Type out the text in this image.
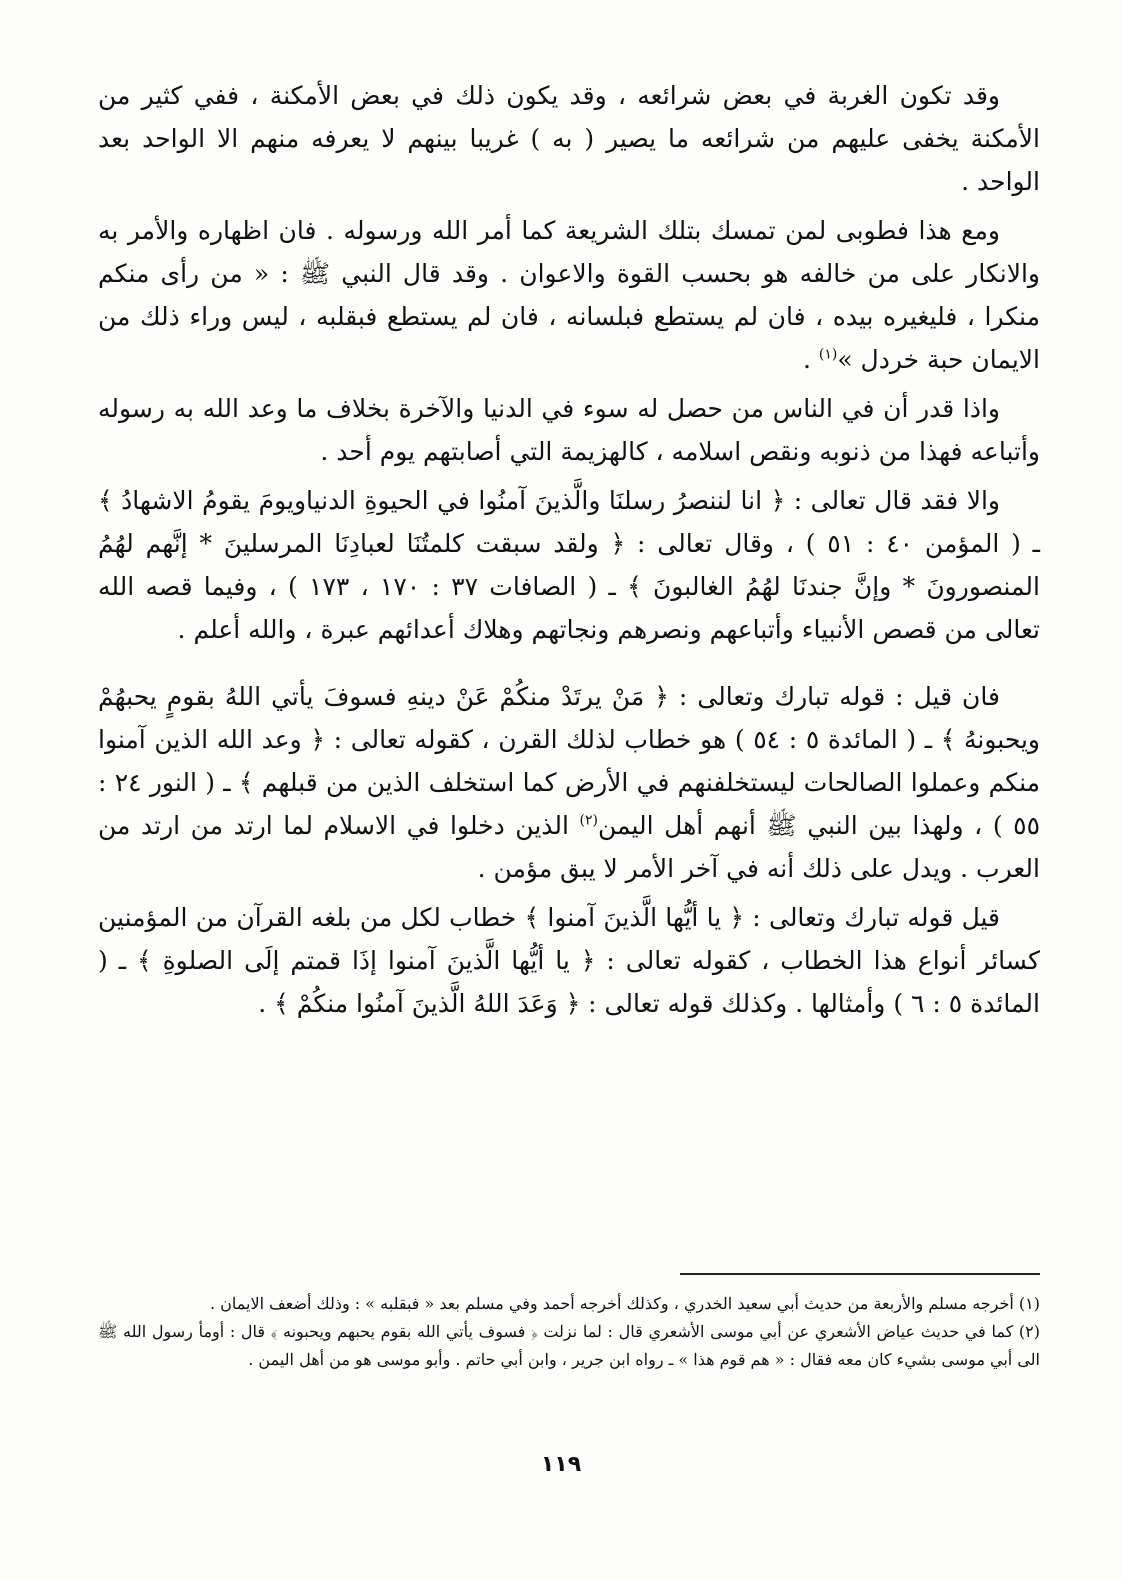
وقد تكون الغربة في بعض شرائعه ، وقد يكون ذلك في بعض الأمكنة ، ففي كثير من الأمكنة يخفى عليهم من شرائعه ما يصير ( به ) غريبا بينهم لا يعرفه منهم الا الواحد بعد الواحد .

ومع هذا فطوبى لمن تمسك بتلك الشريعة كما أمر الله ورسوله . فان اظهاره والأمر به والانكار على من خالفه هو بحسب القوة والاعوان . وقد قال النبي ﷺ : « من رأى منكم منكرا ، فليغيره بيده ، فان لم يستطع فبلسانه ، فان لم يستطع فبقلبه ، ليس وراء ذلك من الايمان حبة خردل »$^{(١)}$ .

واذا قدر أن في الناس من حصل له سوء في الدنيا والآخرة بخلاف ما وعد الله به رسوله وأتباعه فهذا من ذنوبه ونقص اسلامه ، كالهزيمة التي أصابتهم يوم أحد .

والا فقد قال تعالى : ﴿ انا لننصرُ رسلنَا والَّذينَ آمنُوا في الحيوةِ الدنياويومَ يقومُ الاشهادُ ﴾ ـ ( المؤمن ٤٠ : ٥١ ) ، وقال تعالى : ﴿ ولقد سبقت كلمتُنَا لعبادِنَا المرسلينَ * إنَّهم لهُمُ المنصورونَ * وإنَّ جندنَا لهُمُ الغالبونَ ﴾ ـ ( الصافات ٣٧ : ١٧٠ ، ١٧٣ ) ، وفيما قصه الله تعالى من قصص الأنبياء وأتباعهم ونصرهم ونجاتهم وهلاك أعدائهم عبرة ، والله أعلم .

فان قيل : قوله تبارك وتعالى : ﴿ مَنْ يرتَدْ منكُمْ عَنْ دينهِ فسوفَ يأتي اللهُ بقومٍ يحبهُمْ ويحبونهُ ﴾ ـ ( المائدة ٥ : ٥٤ ) هو خطاب لذلك القرن ، كقوله تعالى : ﴿ وعد الله الذين آمنوا منكم وعملوا الصالحات ليستخلفنهم في الأرض كما استخلف الذين من قبلهم ﴾ ـ ( النور ٢٤ : ٥٥ ) ، ولهذا بين النبي ﷺ أنهم أهل اليمن$^{(٢)}$ الذين دخلوا في الاسلام لما ارتد من ارتد من العرب . ويدل على ذلك أنه في آخر الأمر لا يبق مؤمن .

قيل قوله تبارك وتعالى : ﴿ يا أيُّها الَّذينَ آمنوا ﴾ خطاب لكل من بلغه القرآن من المؤمنين كسائر أنواع هذا الخطاب ، كقوله تعالى : ﴿ يا أيُّها الَّذينَ آمنوا إذَا قمتم إلَى الصلوةِ ﴾ ـ ( المائدة ٥ : ٦ ) وأمثالها . وكذلك قوله تعالى : ﴿ وَعَدَ اللهُ الَّذينَ آمنُوا منكُمْ ﴾ .

(١) أخرجه مسلم والأربعة من حديث أبي سعيد الخدري ، وكذلك أخرجه أحمد وفي مسلم بعد « فبقلبه » : وذلك أضعف الايمان .

(٢) كما في حديث عياض الأشعري عن أبي موسى الأشعري قال : لما نزلت ﴿ فسوف يأتي الله بقوم يحبهم ويحبونه ﴾ قال : أومأ رسول الله ﷺ الى أبي موسى بشيء كان معه فقال : « هم قوم هذا » ـ رواه ابن جرير ، وابن أبي حاتم . وأبو موسى هو من أهل اليمن .

١١٩
